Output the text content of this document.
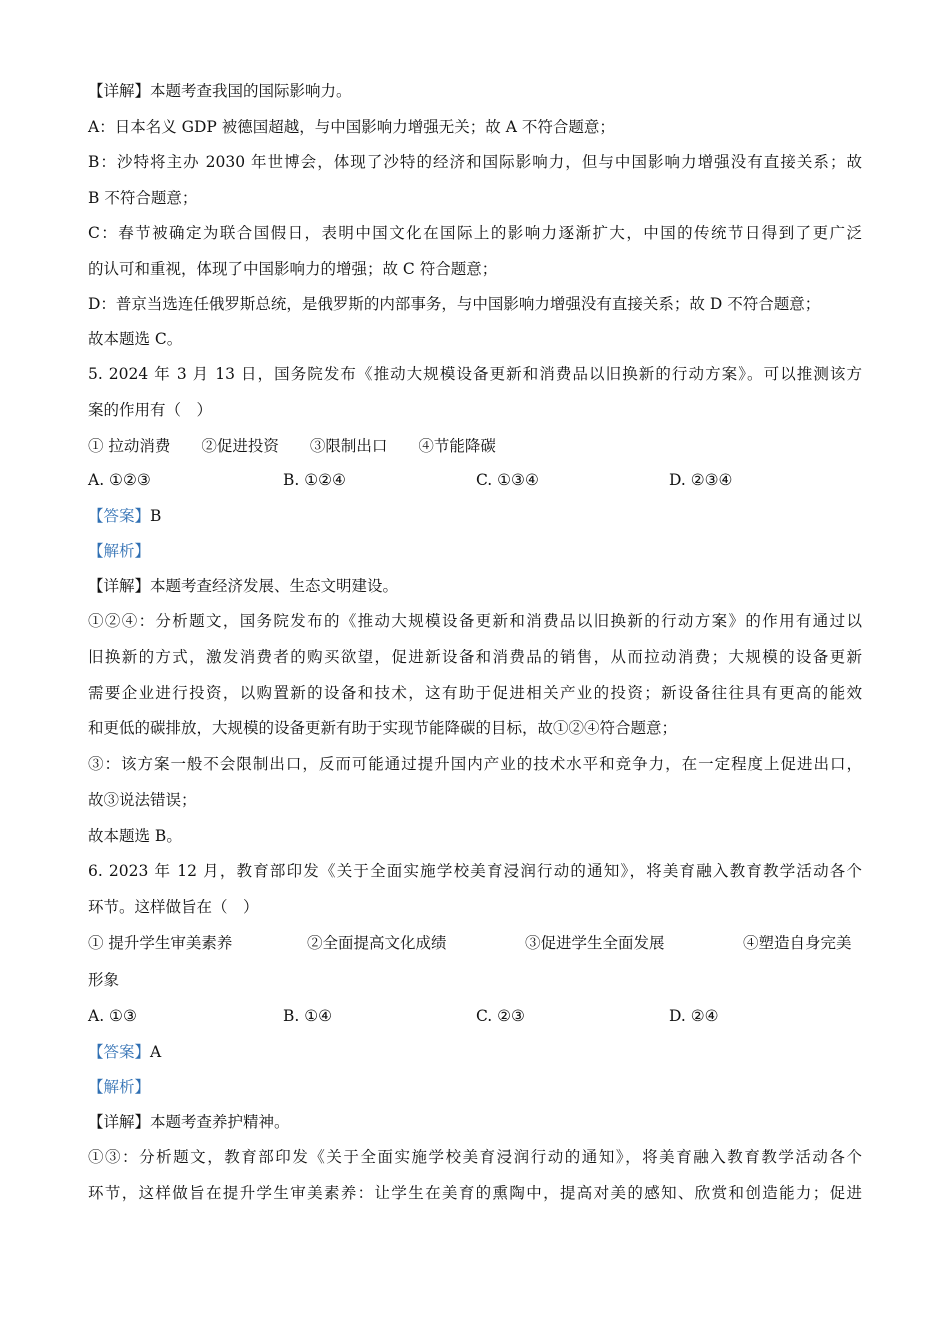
【详解】本题考查我国的国际影响力。
A：日本名义 GDP 被德国超越，与中国影响力增强无关；故 A 不符合题意；
B：沙特将主办 2030 年世博会，体现了沙特的经济和国际影响力，但与中国影响力增强没有直接关系；故
B 不符合题意；
C：春节被确定为联合国假日，表明中国文化在国际上的影响力逐渐扩大，中国的传统节日得到了更广泛
的认可和重视，体现了中国影响力的增强；故 C 符合题意；
D：普京当选连任俄罗斯总统，是俄罗斯的内部事务，与中国影响力增强没有直接关系；故 D 不符合题意；
故本题选 C。
5. 2024 年 3 月 13 日，国务院发布《推动大规模设备更新和消费品以旧换新的行动方案》。可以推测该方
案的作用有（　）
① 拉动消费　　②促进投资　　③限制出口　　④节能降碳
A. ①②③	B. ①②④	C. ①③④	D. ②③④
【答案】B
【解析】
【详解】本题考查经济发展、生态文明建设。
①②④：分析题文，国务院发布的《推动大规模设备更新和消费品以旧换新的行动方案》的作用有通过以
旧换新的方式，激发消费者的购买欲望，促进新设备和消费品的销售，从而拉动消费；大规模的设备更新
需要企业进行投资，以购置新的设备和技术，这有助于促进相关产业的投资；新设备往往具有更高的能效
和更低的碳排放，大规模的设备更新有助于实现节能降碳的目标，故①②④符合题意；
③：该方案一般不会限制出口，反而可能通过提升国内产业的技术水平和竞争力，在一定程度上促进出口，
故③说法错误；
故本题选 B。
6. 2023 年 12 月，教育部印发《关于全面实施学校美育浸润行动的通知》，将美育融入教育教学活动各个
环节。这样做旨在（　）
① 提升学生审美素养	②全面提高文化成绩	③促进学生全面发展	④塑造自身完美
形象
A. ①③	B. ①④	C. ②③	D. ②④
【答案】A
【解析】
【详解】本题考查养护精神。
①③：分析题文，教育部印发《关于全面实施学校美育浸润行动的通知》，将美育融入教育教学活动各个
环节，这样做旨在提升学生审美素养：让学生在美育的熏陶中，提高对美的感知、欣赏和创造能力；促进
